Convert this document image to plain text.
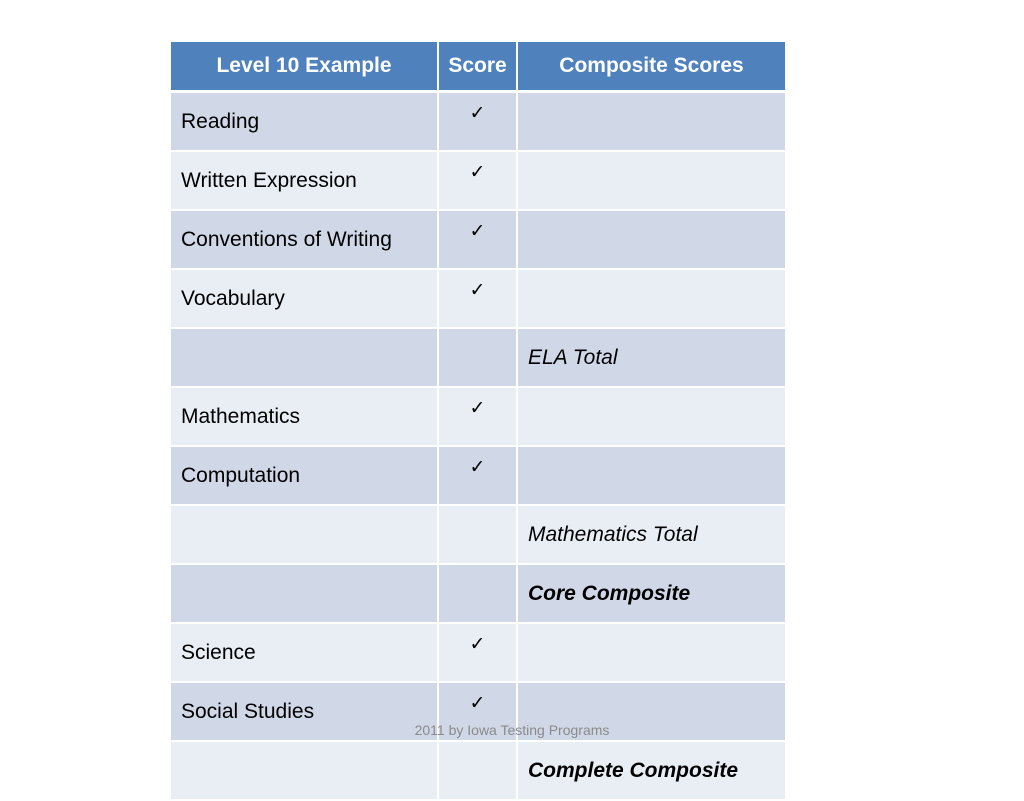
Level 10 Example	Score	Composite Scores
Reading	✓	
Written Expression	✓	
Conventions of Writing	✓	
Vocabulary	✓	
		ELA Total
Mathematics	✓	
Computation	✓	
		Mathematics Total
		Core Composite
Science	✓	
Social Studies	✓	
		Complete Composite
2011 by Iowa Testing Programs
